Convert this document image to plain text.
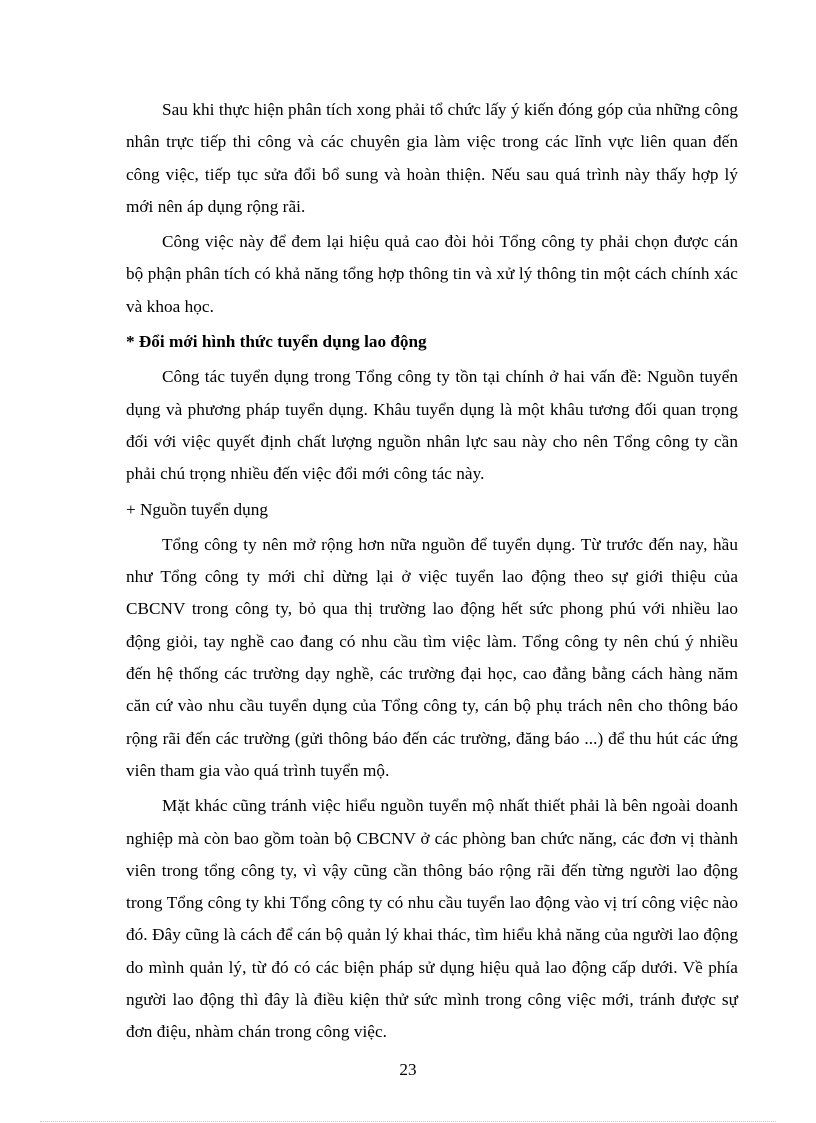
Sau khi thực hiện phân tích xong phải tổ chức lấy ý kiến đóng góp của những công nhân trực tiếp thi công và các chuyên gia làm việc trong các lĩnh vực liên quan đến công việc, tiếp tục sửa đổi bổ sung và hoàn thiện. Nếu sau quá trình này thấy hợp lý mới nên áp dụng rộng rãi.

Công việc này để đem lại hiệu quả cao đòi hỏi Tổng công ty phải chọn được cán bộ phận phân tích có khả năng tổng hợp thông tin và xử lý thông tin một cách chính xác và khoa học.

* Đổi mới hình thức tuyển dụng lao động

Công tác tuyển dụng trong Tổng công ty tồn tại chính ở hai vấn đề: Nguồn tuyển dụng và phương pháp tuyển dụng. Khâu tuyển dụng là một khâu tương đối quan trọng đối với việc quyết định chất lượng nguồn nhân lực sau này cho nên Tổng công ty cần phải chú trọng nhiều đến việc đổi mới công tác này.

+ Nguồn tuyển dụng

Tổng công ty nên mở rộng hơn nữa nguồn để tuyển dụng. Từ trước đến nay, hầu như Tổng công ty mới chỉ dừng lại ở việc tuyển lao động theo sự giới thiệu của CBCNV trong công ty, bỏ qua thị trường lao động hết sức phong phú với nhiều lao động giỏi, tay nghề cao đang có nhu cầu tìm việc làm. Tổng công ty nên chú ý nhiều đến hệ thống các trường dạy nghề, các trường đại học, cao đẳng bằng cách hàng năm căn cứ vào nhu cầu tuyển dụng của Tổng công ty, cán bộ phụ trách nên cho thông báo rộng rãi đến các trường (gửi thông báo đến các trường, đăng báo ...) để thu hút các ứng viên tham gia vào quá trình tuyển mộ.

Mặt khác cũng tránh việc hiểu nguồn tuyển mộ nhất thiết phải là bên ngoài doanh nghiệp mà còn bao gồm toàn bộ CBCNV ở các phòng ban chức năng, các đơn vị thành viên trong tổng công ty, vì vậy cũng cần thông báo rộng rãi đến từng người lao động trong Tổng công ty khi Tổng công ty có nhu cầu tuyển lao động vào vị trí công việc nào đó. Đây cũng là cách để cán bộ quản lý khai thác, tìm hiểu khả năng của người lao động do mình quản lý, từ đó có các biện pháp sử dụng hiệu quả lao động cấp dưới. Về phía người lao động thì đây là điều kiện thử sức mình trong công việc mới, tránh được sự đơn điệu, nhàm chán trong công việc.

23
